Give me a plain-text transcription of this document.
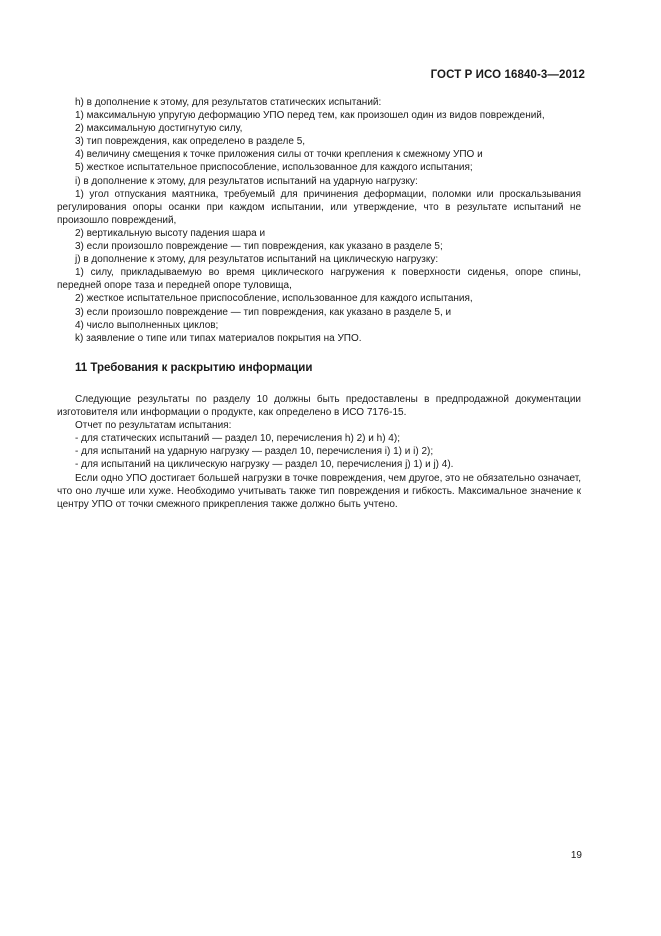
ГОСТ Р ИСО 16840-3—2012

h) в дополнение к этому, для результатов статических испытаний:

1) максимальную упругую деформацию УПО перед тем, как произошел один из видов повреждений,

2) максимальную достигнутую силу,

3) тип повреждения, как определено в разделе 5,

4) величину смещения к точке приложения силы от точки крепления к смежному УПО и

5) жесткое испытательное приспособление, использованное для каждого испытания;

i) в дополнение к этому, для результатов испытаний на ударную нагрузку:

1) угол отпускания маятника, требуемый для причинения деформации, поломки или проскальзывания регулирования опоры осанки при каждом испытании, или утверждение, что в результате испытаний не произошло повреждений,

2) вертикальную высоту падения шара и

3) если произошло повреждение — тип повреждения, как указано в разделе 5;

j) в дополнение к этому, для результатов испытаний на циклическую нагрузку:

1) силу, прикладываемую во время циклического нагружения к поверхности сиденья, опоре спины, передней опоре таза и передней опоре туловища,

2) жесткое испытательное приспособление, использованное для каждого испытания,

3) если произошло повреждение — тип повреждения, как указано в разделе 5, и

4) число выполненных циклов;

k) заявление о типе или типах материалов покрытия на УПО.

11 Требования к раскрытию информации

Следующие результаты по разделу 10 должны быть предоставлены в предпродажной документации изготовителя или информации о продукте, как определено в ИСО 7176-15.

Отчет по результатам испытания:

- для статических испытаний — раздел 10, перечисления h) 2) и h) 4);

- для испытаний на ударную нагрузку — раздел 10, перечисления i) 1) и i) 2);

- для испытаний на циклическую нагрузку — раздел 10, перечисления j) 1) и j) 4).

Если одно УПО достигает большей нагрузки в точке повреждения, чем другое, это не обязательно означает, что оно лучше или хуже. Необходимо учитывать также тип повреждения и гибкость. Максимальное значение к центру УПО от точки смежного прикрепления также должно быть учтено.

19
